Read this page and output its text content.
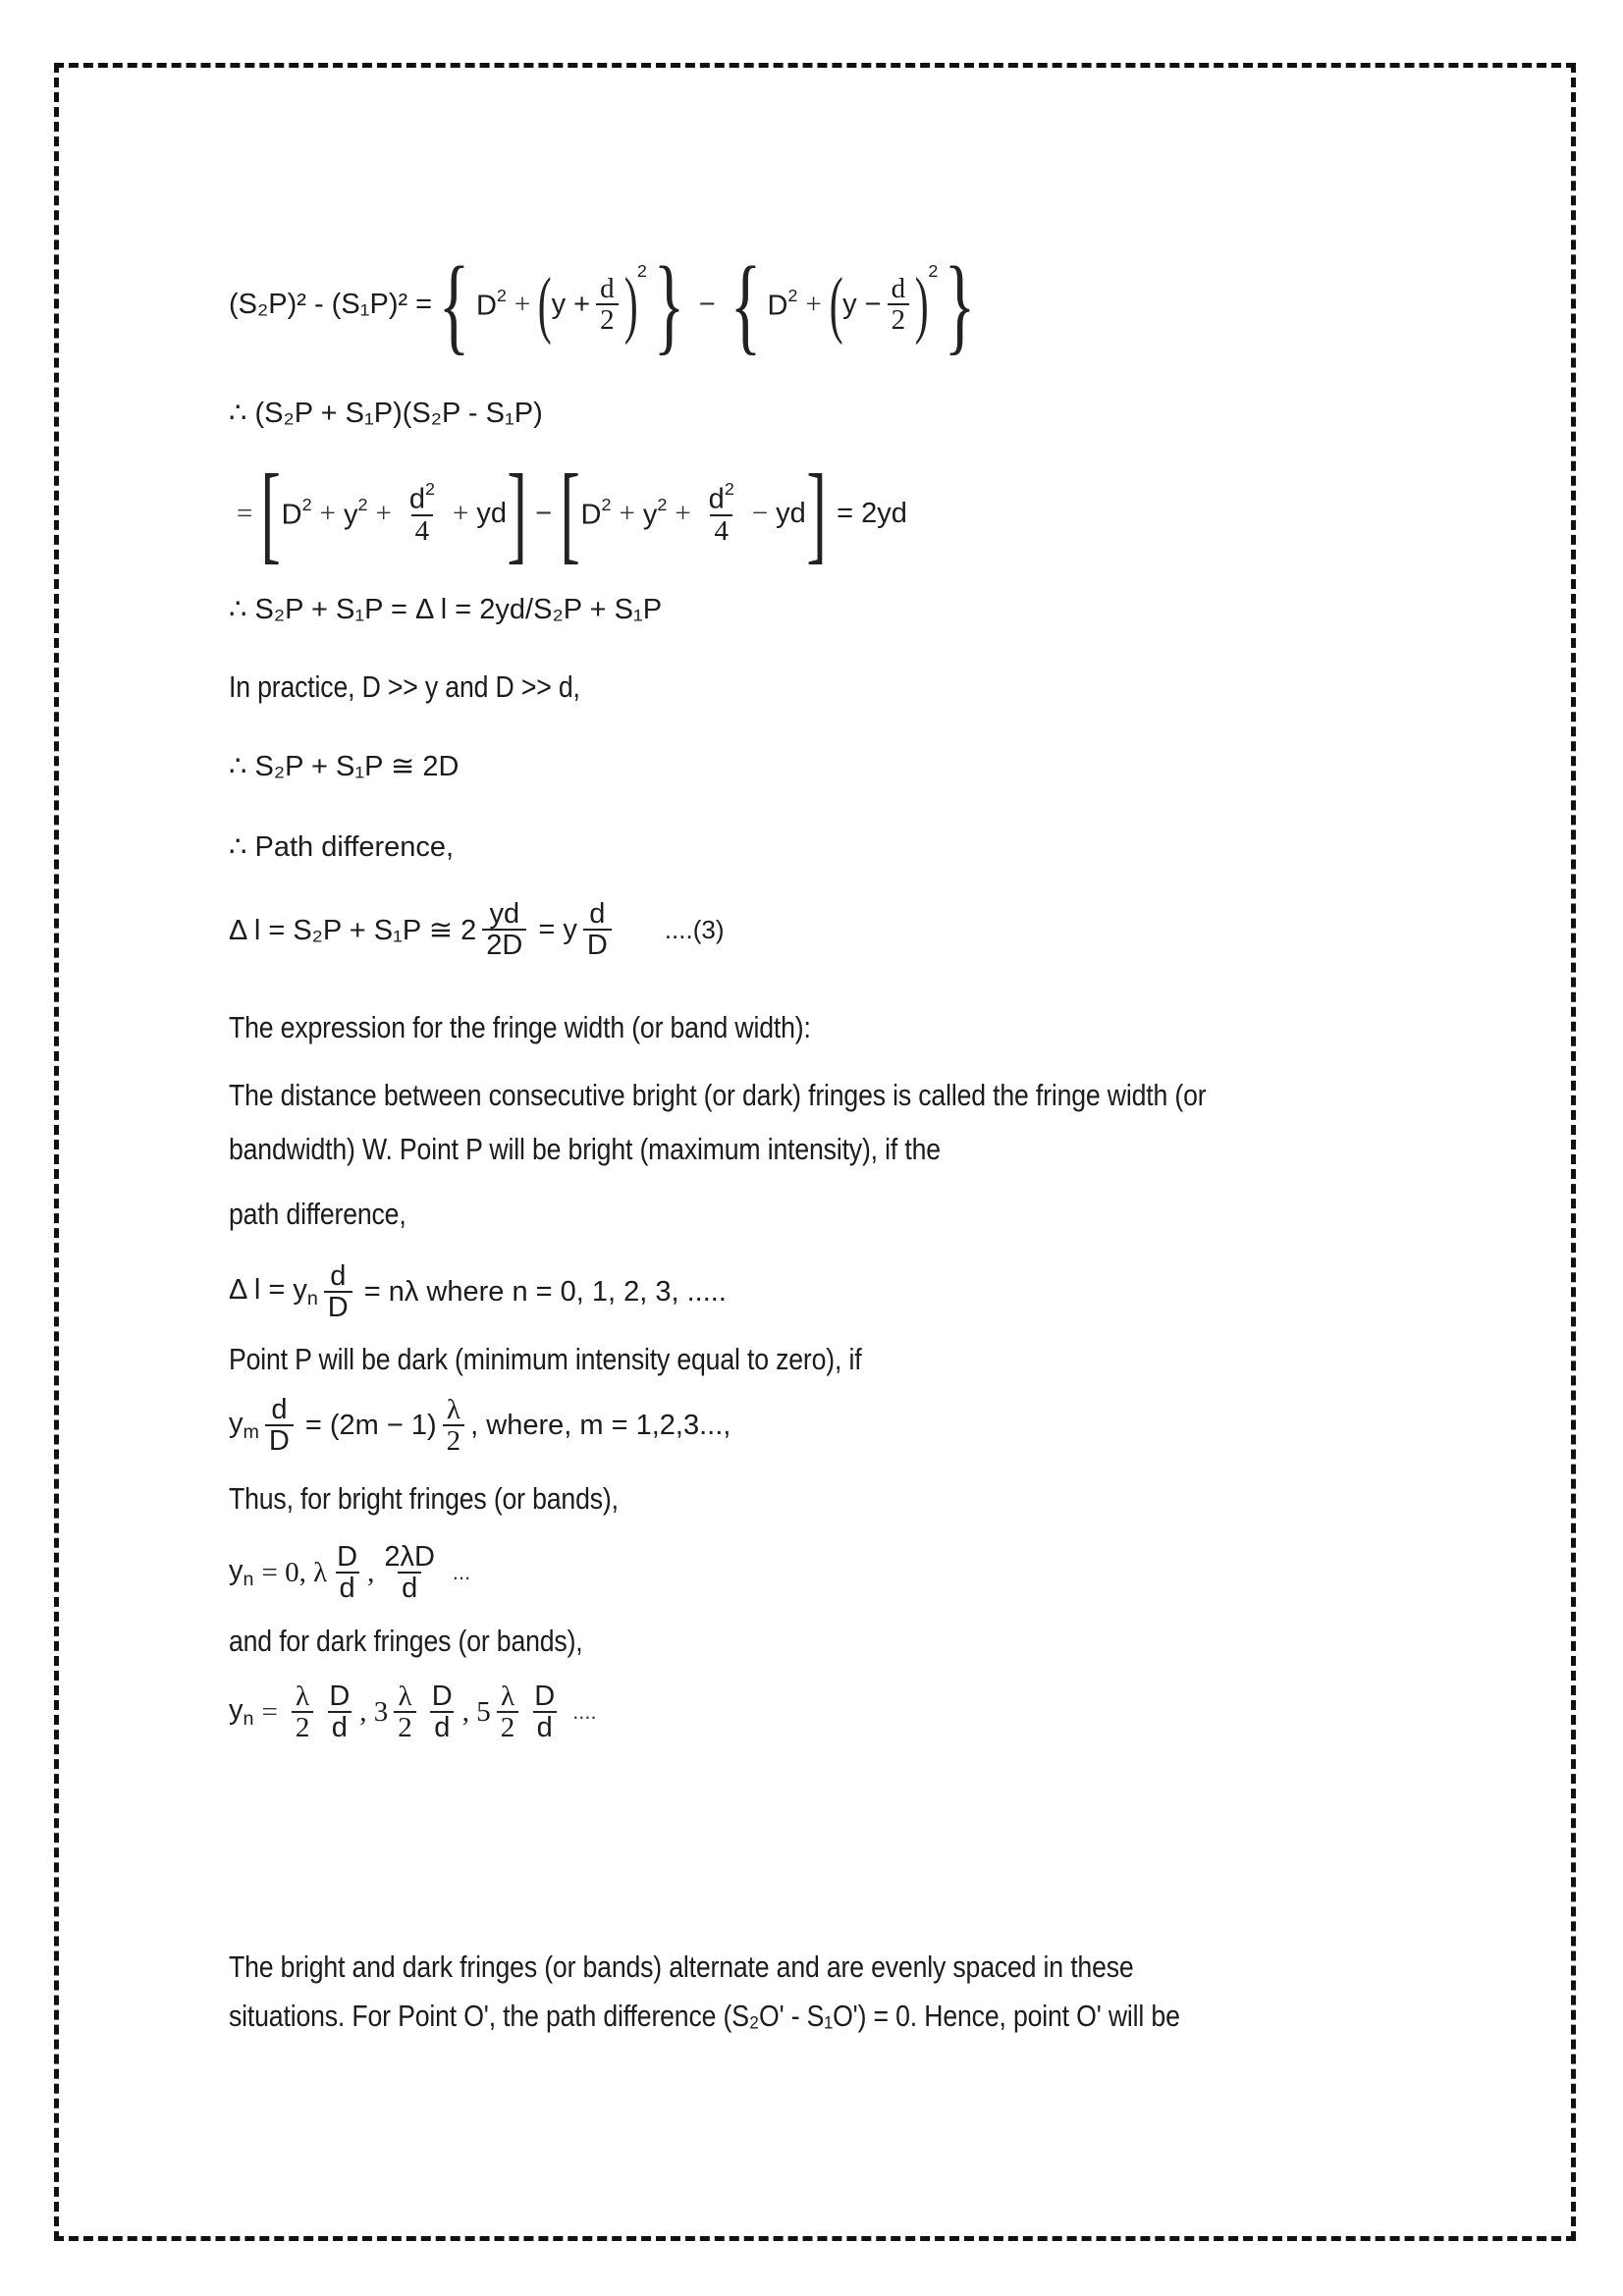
(S₂P)² - (S₁P)² = { $D^2$ + ( $y + \frac{d}{2} )^2$ } − { $D^2$ + ( $y - \frac{d}{2} )^2$ }
∴ (S₂P + S₁P)(S₂P - S₁P)
= [ $D^2 + y^2 + \frac{d^2}{4}$ + yd ] − [ $D^2 + y^2 + \frac{d^2}{4}$ − yd ] = 2yd
∴ S₂P + S₁P = Δ l = 2yd/S₂P + S₁P
In practice, D >> y and D >> d,
∴ S₂P + S₁P ≅ 2D
∴ Path difference,
Δ l = S₂P + S₁P ≅ $2 \frac{yd}{2D} = y \frac{d}{D} ....(3)$
The expression for the fringe width (or band width):
The distance between consecutive bright (or dark) fringes is called the fringe width (or
bandwidth) W. Point P will be bright (maximum intensity), if the
path difference,
Δ $l = y_n \frac{d}{D} = n\lambda$ where n = 0, 1, 2, 3, .....
Point P will be dark (minimum intensity equal to zero), if
$y_m \frac{d}{D} = (2m - 1) \frac{\lambda}{2}$ , where, m = 1,2,3...,
Thus, for bright fringes (or bands),
$y_n = 0$, λ $\frac{D}{d}$ , $\frac{2\lambda D}{d}$ ...
and for dark fringes (or bands),
$y_n = \frac{\lambda}{2} \frac{D}{d}$ , $3 \frac{\lambda}{2} \frac{D}{d}$ , $5 \frac{\lambda}{2} \frac{D}{d}$ ....
The bright and dark fringes (or bands) alternate and are evenly spaced in these
situations. For Point O', the path difference (S₂O' - S₁O') = 0. Hence, point O' will be
